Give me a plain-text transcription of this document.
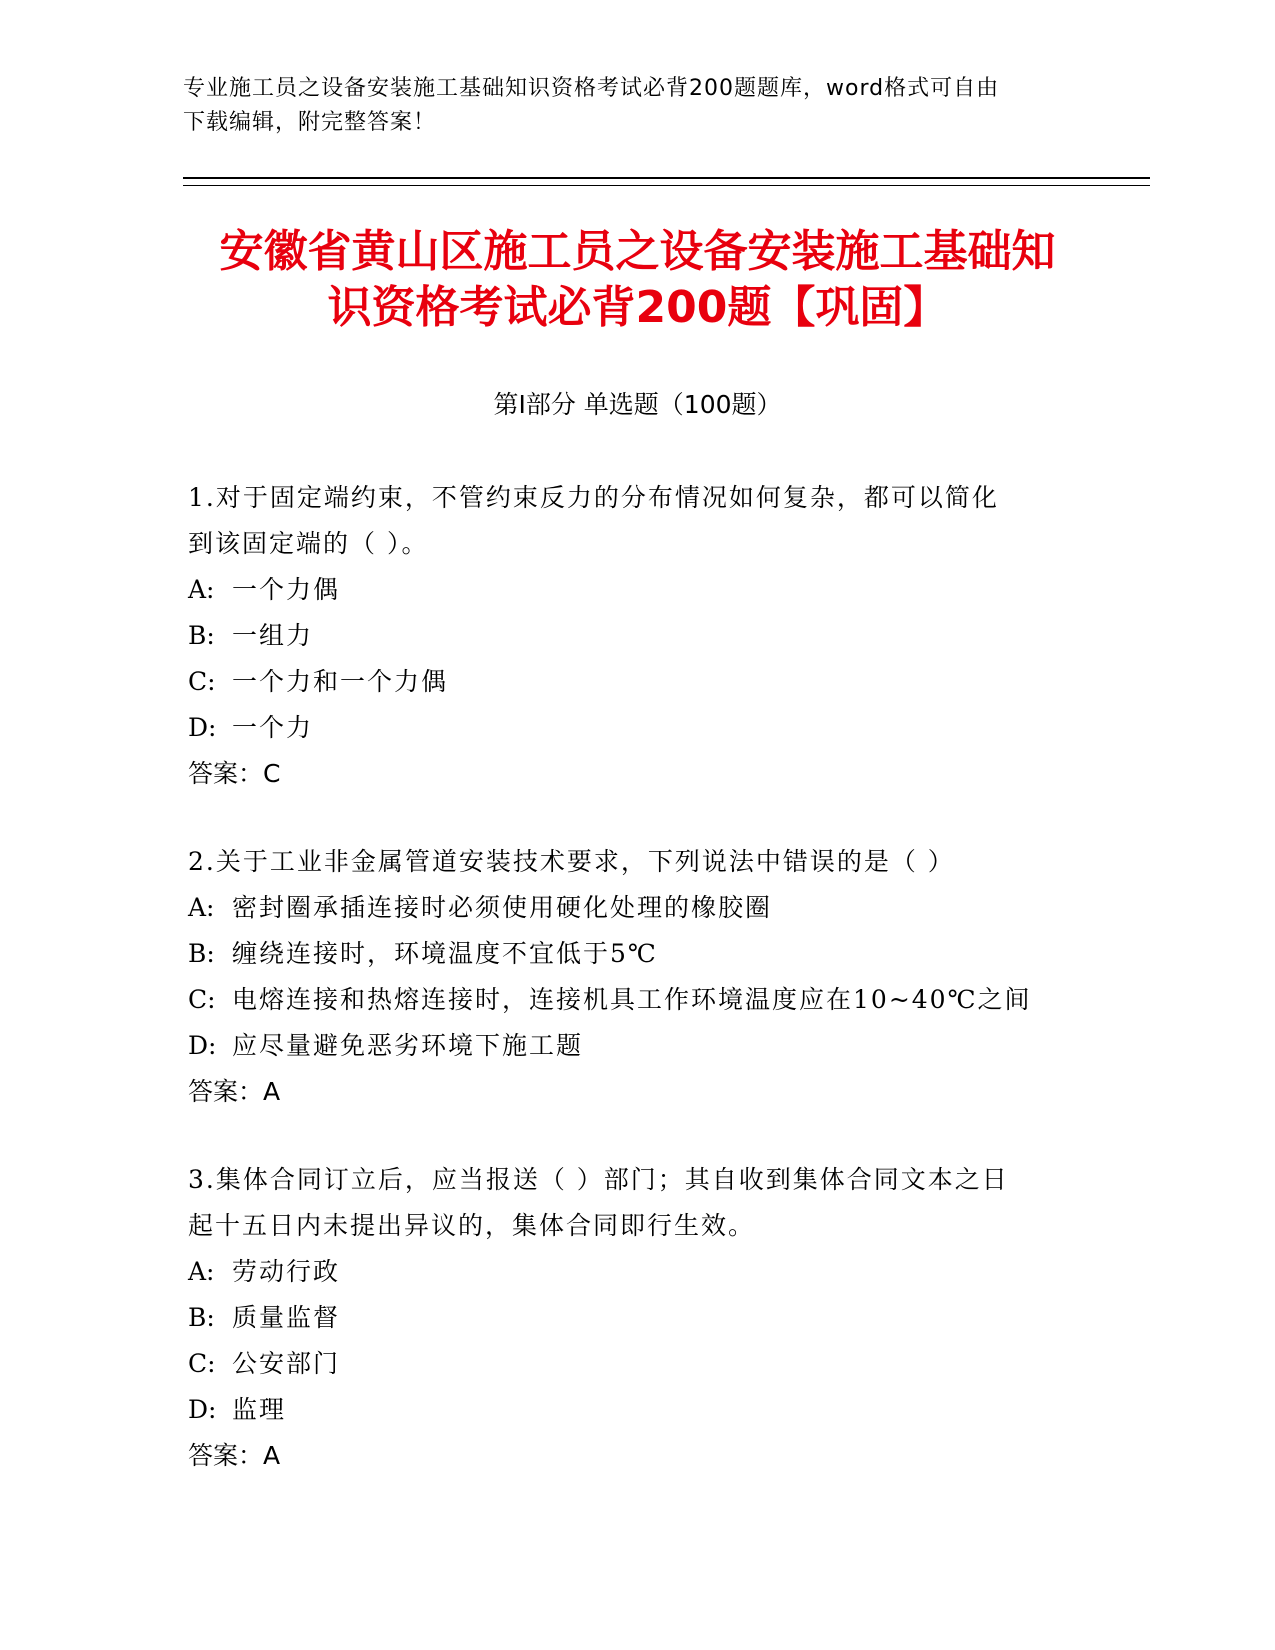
专业施工员之设备安装施工基础知识资格考试必背200题题库，word格式可自由
下载编辑，附完整答案！
安徽省黄山区施工员之设备安装施工基础知
识资格考试必背200题【巩固】
第Ⅰ部分 单选题（100题）
1.对于固定端约束，不管约束反力的分布情况如何复杂，都可以简化
到该固定端的（ ）。
A: 一个力偶
B: 一组力
C: 一个力和一个力偶
D: 一个力
答案：C
2.关于工业非金属管道安装技术要求，下列说法中错误的是（ ）
A: 密封圈承插连接时必须使用硬化处理的橡胶圈
B: 缠绕连接时，环境温度不宜低于5℃
C: 电熔连接和热熔连接时，连接机具工作环境温度应在10~40℃之间
D: 应尽量避免恶劣环境下施工题
答案：A
3.集体合同订立后，应当报送（ ）部门；其自收到集体合同文本之日
起十五日内未提出异议的，集体合同即行生效。
A: 劳动行政
B: 质量监督
C: 公安部门
D: 监理
答案：A
